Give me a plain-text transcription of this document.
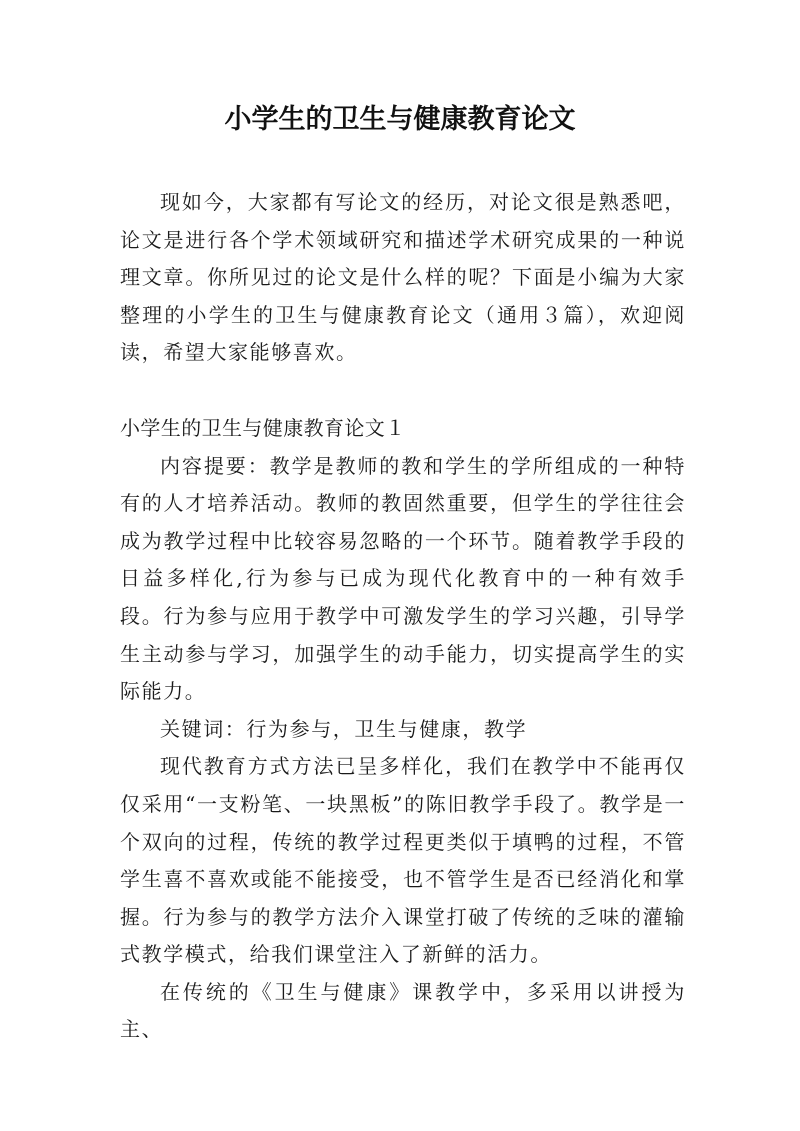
小学生的卫生与健康教育论文

现如今，大家都有写论文的经历，对论文很是熟悉吧，论文是进行各个学术领域研究和描述学术研究成果的一种说理文章。你所见过的论文是什么样的呢？下面是小编为大家整理的小学生的卫生与健康教育论文（通用３篇），欢迎阅读，希望大家能够喜欢。

小学生的卫生与健康教育论文１

内容提要：教学是教师的教和学生的学所组成的一种特有的人才培养活动。教师的教固然重要，但学生的学往往会成为教学过程中比较容易忽略的一个环节。随着教学手段的日益多样化,行为参与已成为现代化教育中的一种有效手段。行为参与应用于教学中可激发学生的学习兴趣，引导学生主动参与学习，加强学生的动手能力，切实提高学生的实际能力。

关键词：行为参与，卫生与健康，教学

现代教育方式方法已呈多样化，我们在教学中不能再仅仅采用“一支粉笔、一块黑板”的陈旧教学手段了。教学是一个双向的过程，传统的教学过程更类似于填鸭的过程，不管学生喜不喜欢或能不能接受，也不管学生是否已经消化和掌握。行为参与的教学方法介入课堂打破了传统的乏味的灌输式教学模式，给我们课堂注入了新鲜的活力。

在传统的《卫生与健康》课教学中，多采用以讲授为主、
